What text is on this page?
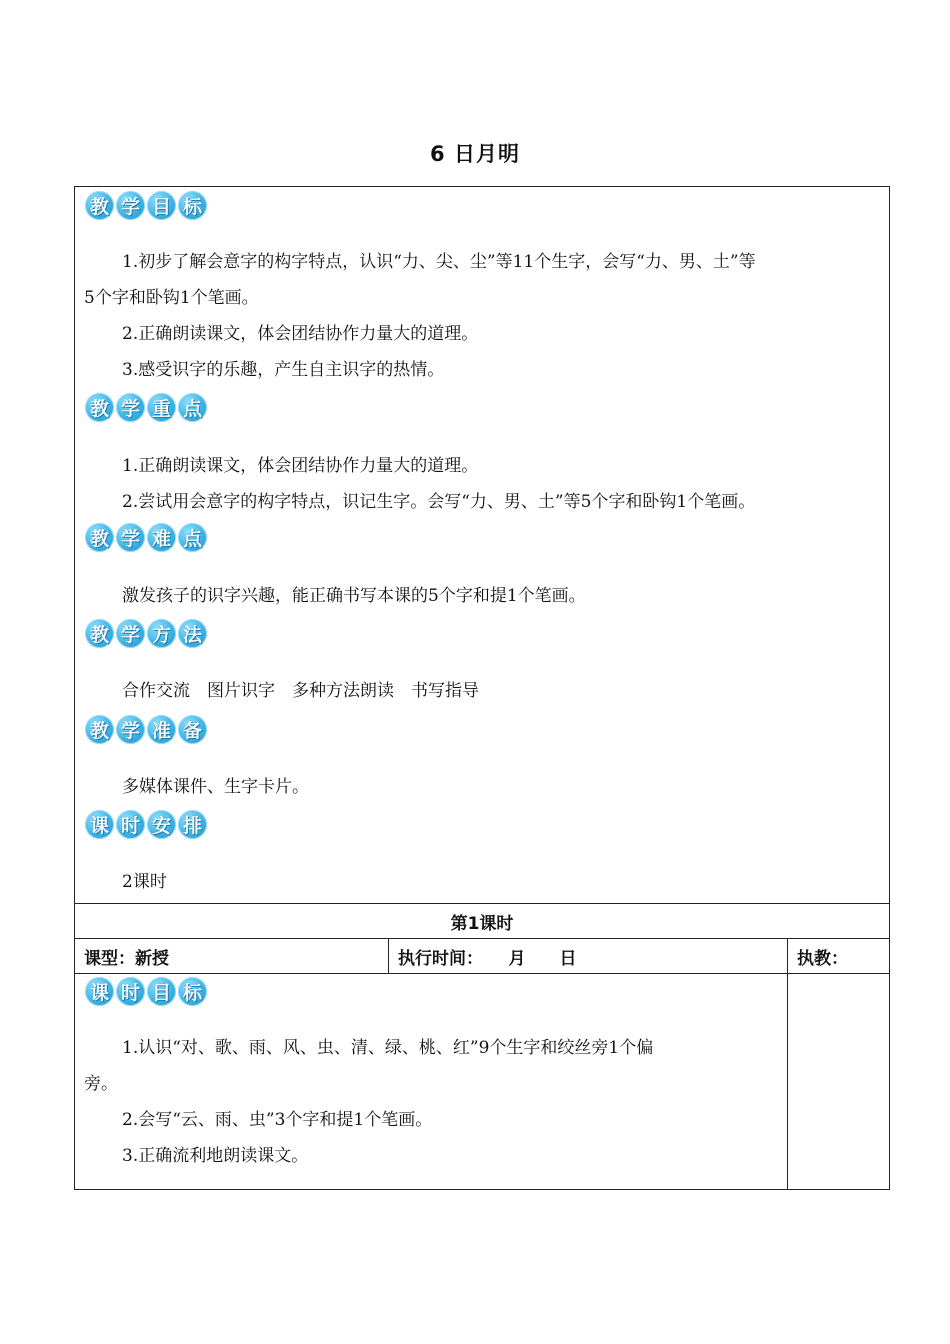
6 日月明
教 学 目 标
1.初步了解会意字的构字特点，认识“力、尖、尘”等11个生字，会写“力、男、土”等
5个字和卧钩1个笔画。
2.正确朗读课文，体会团结协作力量大的道理。
3.感受识字的乐趣，产生自主识字的热情。
教 学 重 点
1.正确朗读课文，体会团结协作力量大的道理。
2.尝试用会意字的构字特点，识记生字。会写“力、男、土”等5个字和卧钩1个笔画。
教 学 难 点
激发孩子的识字兴趣，能正确书写本课的5个字和提1个笔画。
教 学 方 法
合作交流　图片识字　多种方法朗读　书写指导
教 学 准 备
多媒体课件、生字卡片。
课 时 安 排
2课时
第1课时
课型：新授	执行时间：　　月　　日	执教：
课 时 目 标
1.认识“对、歌、雨、风、虫、清、绿、桃、红”9个生字和绞丝旁1个偏
旁。
2.会写“云、雨、虫”3个字和提1个笔画。
3.正确流利地朗读课文。
